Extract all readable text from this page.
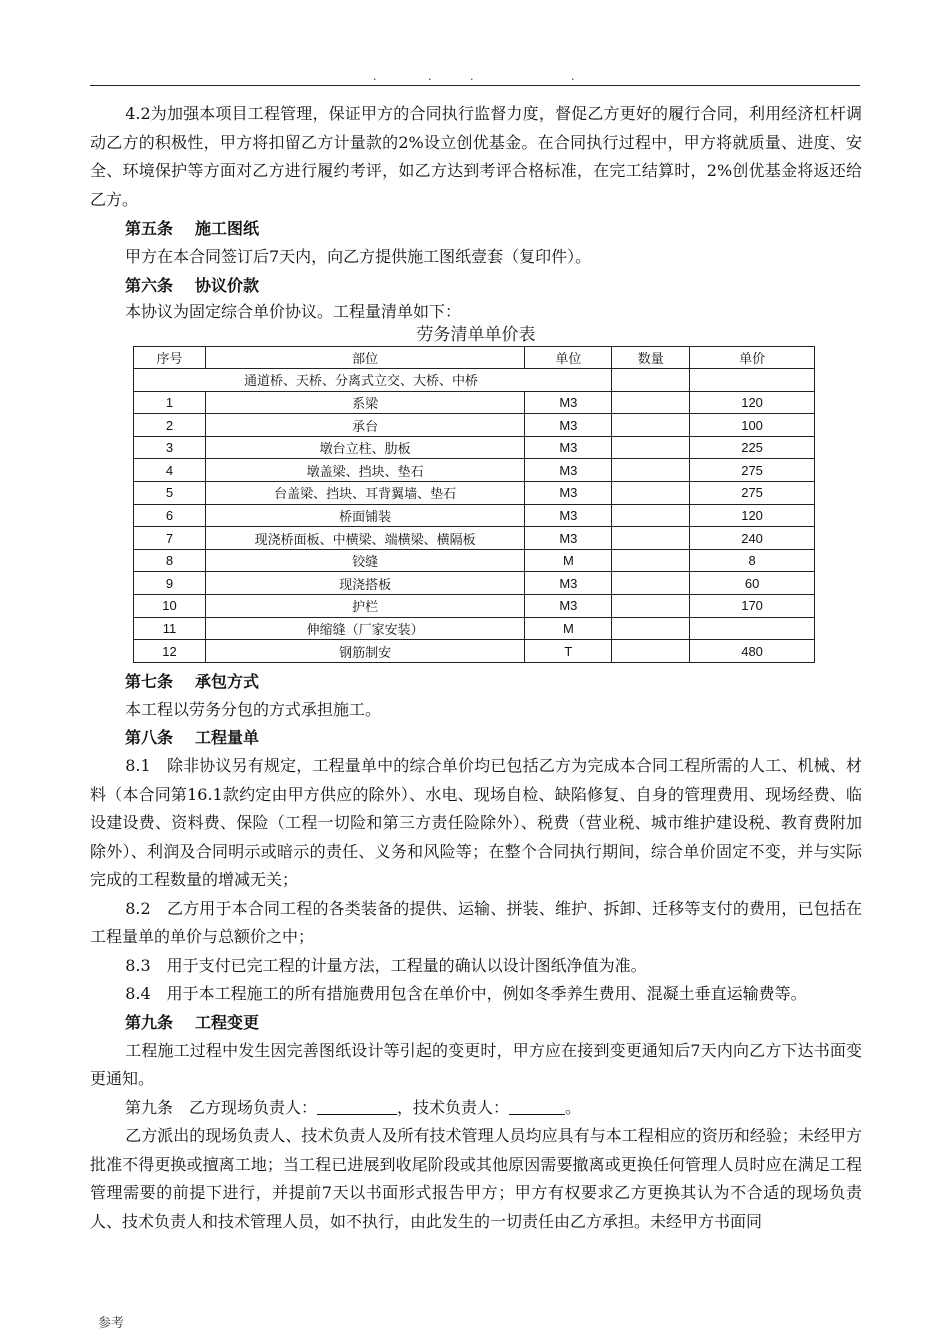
.	.	.	.

4.2为加强本项目工程管理，保证甲方的合同执行监督力度，督促乙方更好的履行合同，利用经济杠杆调动乙方的积极性，甲方将扣留乙方计量款的2%设立创优基金。在合同执行过程中，甲方将就质量、进度、安全、环境保护等方面对乙方进行履约考评，如乙方达到考评合格标准，在完工结算时，2%创优基金将返还给乙方。

第五条 施工图纸

甲方在本合同签订后7天内，向乙方提供施工图纸壹套（复印件）。

第六条 协议价款

本协议为固定综合单价协议。工程量清单如下：

劳务清单单价表

序号	部位	单位	数量	单价
通道桥、天桥、分离式立交、大桥、中桥				
1	系梁	M3		120
2	承台	M3		100
3	墩台立柱、肋板	M3		225
4	墩盖梁、挡块、垫石	M3		275
5	台盖梁、挡块、耳背翼墙、垫石	M3		275
6	桥面铺装	M3		120
7	现浇桥面板、中横梁、端横梁、横隔板	M3		240
8	铰缝	M		8
9	现浇搭板	M3		60
10	护栏	M3		170
11	伸缩缝（厂家安装）	M		
12	钢筋制安	T		480

第七条 承包方式

本工程以劳务分包的方式承担施工。

第八条 工程量单

8.1　除非协议另有规定，工程量单中的综合单价均已包括乙方为完成本合同工程所需的人工、机械、材料（本合同第16.1款约定由甲方供应的除外）、水电、现场自检、缺陷修复、自身的管理费用、现场经费、临设建设费、资料费、保险（工程一切险和第三方责任险除外）、税费（营业税、城市维护建设税、教育费附加除外）、利润及合同明示或暗示的责任、义务和风险等；在整个合同执行期间，综合单价固定不变，并与实际完成的工程数量的增减无关；

8.2　乙方用于本合同工程的各类装备的提供、运输、拼装、维护、拆卸、迁移等支付的费用，已包括在工程量单的单价与总额价之中；

8.3　用于支付已完工程的计量方法，工程量的确认以设计图纸净值为准。

8.4　用于本工程施工的所有措施费用包含在单价中，例如冬季养生费用、混凝土垂直运输费等。

第九条 工程变更

工程施工过程中发生因完善图纸设计等引起的变更时，甲方应在接到变更通知后7天内向乙方下达书面变更通知。

第九条　乙方现场负责人：	，技术负责人：	。

乙方派出的现场负责人、技术负责人及所有技术管理人员均应具有与本工程相应的资历和经验；未经甲方批准不得更换或擅离工地；当工程已进展到收尾阶段或其他原因需要撤离或更换任何管理人员时应在满足工程管理需要的前提下进行，并提前7天以书面形式报告甲方；甲方有权要求乙方更换其认为不合适的现场负责人、技术负责人和技术管理人员，如不执行，由此发生的一切责任由乙方承担。未经甲方书面同

参考
